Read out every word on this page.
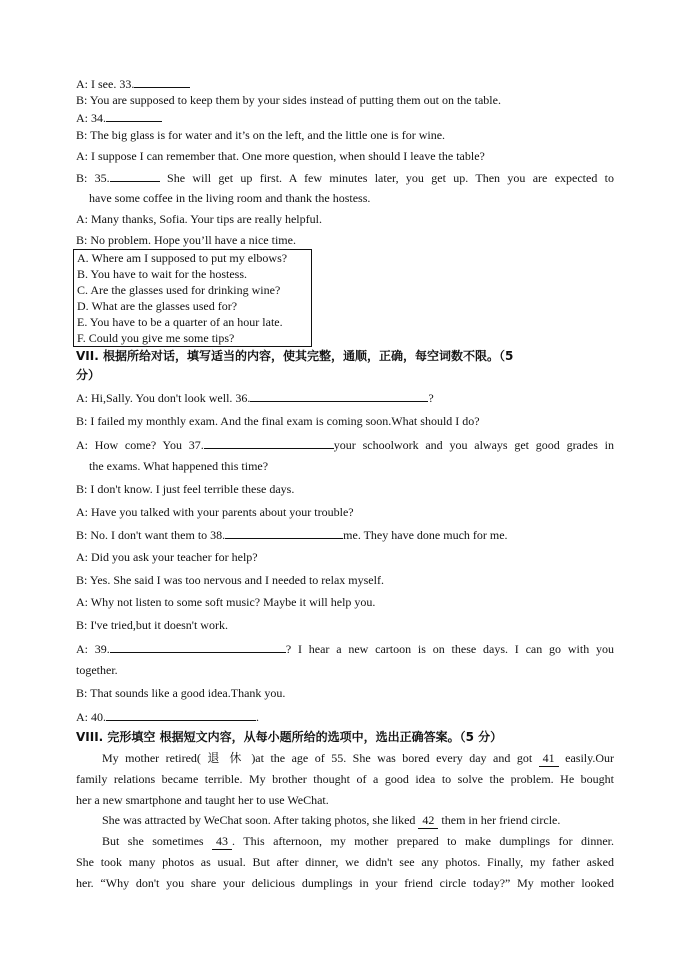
A: I see. 33.
B: You are supposed to keep them by your sides instead of putting them out on the table.
A: 34.
B: The big glass is for water and it’s on the left, and the little one is for wine.
A: I suppose I can remember that. One more question, when should I leave the table?
B: 35.	She will get up first. A few minutes later, you get up. Then you are expected to
have some coffee in the living room and thank the hostess.
A: Many thanks, Sofia. Your tips are really helpful.
B: No problem. Hope you’ll have a nice time.
A. Where am I supposed to put my elbows?
B. You have to wait for the hostess.
C. Are the glasses used for drinking wine?
D. What are the glasses used for?
E. You have to be a quarter of an hour late.
F. Could you give me some tips?
VII. 根据所给对话，填写适当的内容，使其完整，通顺，正确，每空词数不限。（5
分）
A: Hi,Sally. You don't look well. 36.	?
B: I failed my monthly exam. And the final exam is coming soon.What should I do?
A: How come? You 37.	your schoolwork and you always get good grades in
the exams. What happened this time?
B: I don't know. I just feel terrible these days.
A: Have you talked with your parents about your trouble?
B: No. I don't want them to 38.	me. They have done much for me.
A: Did you ask your teacher for help?
B: Yes. She said I was too nervous and I needed to relax myself.
A: Why not listen to some soft music? Maybe it will help you.
B: I've tried,but it doesn't work.
A: 39.	? I hear a new cartoon is on these days. I can go with you
together.
B: That sounds like a good idea.Thank you.
A: 40.	.
VIII. 完形填空 根据短文内容，从每小题所给的选项中，选出正确答案。（5 分）
My mother retired( 退 休 )at the age of 55. She was bored every day and got 41 easily.Our
family relations became terrible. My brother thought of a good idea to solve the problem. He bought
her a new smartphone and taught her to use WeChat.
She was attracted by WeChat soon. After taking photos, she liked 42 them in her friend circle.
But she sometimes 43 . This afternoon, my mother prepared to make dumplings for dinner.
She took many photos as usual. But after dinner, we didn't see any photos. Finally, my father asked
her. “Why don't you share your delicious dumplings in your friend circle today?” My mother looked
